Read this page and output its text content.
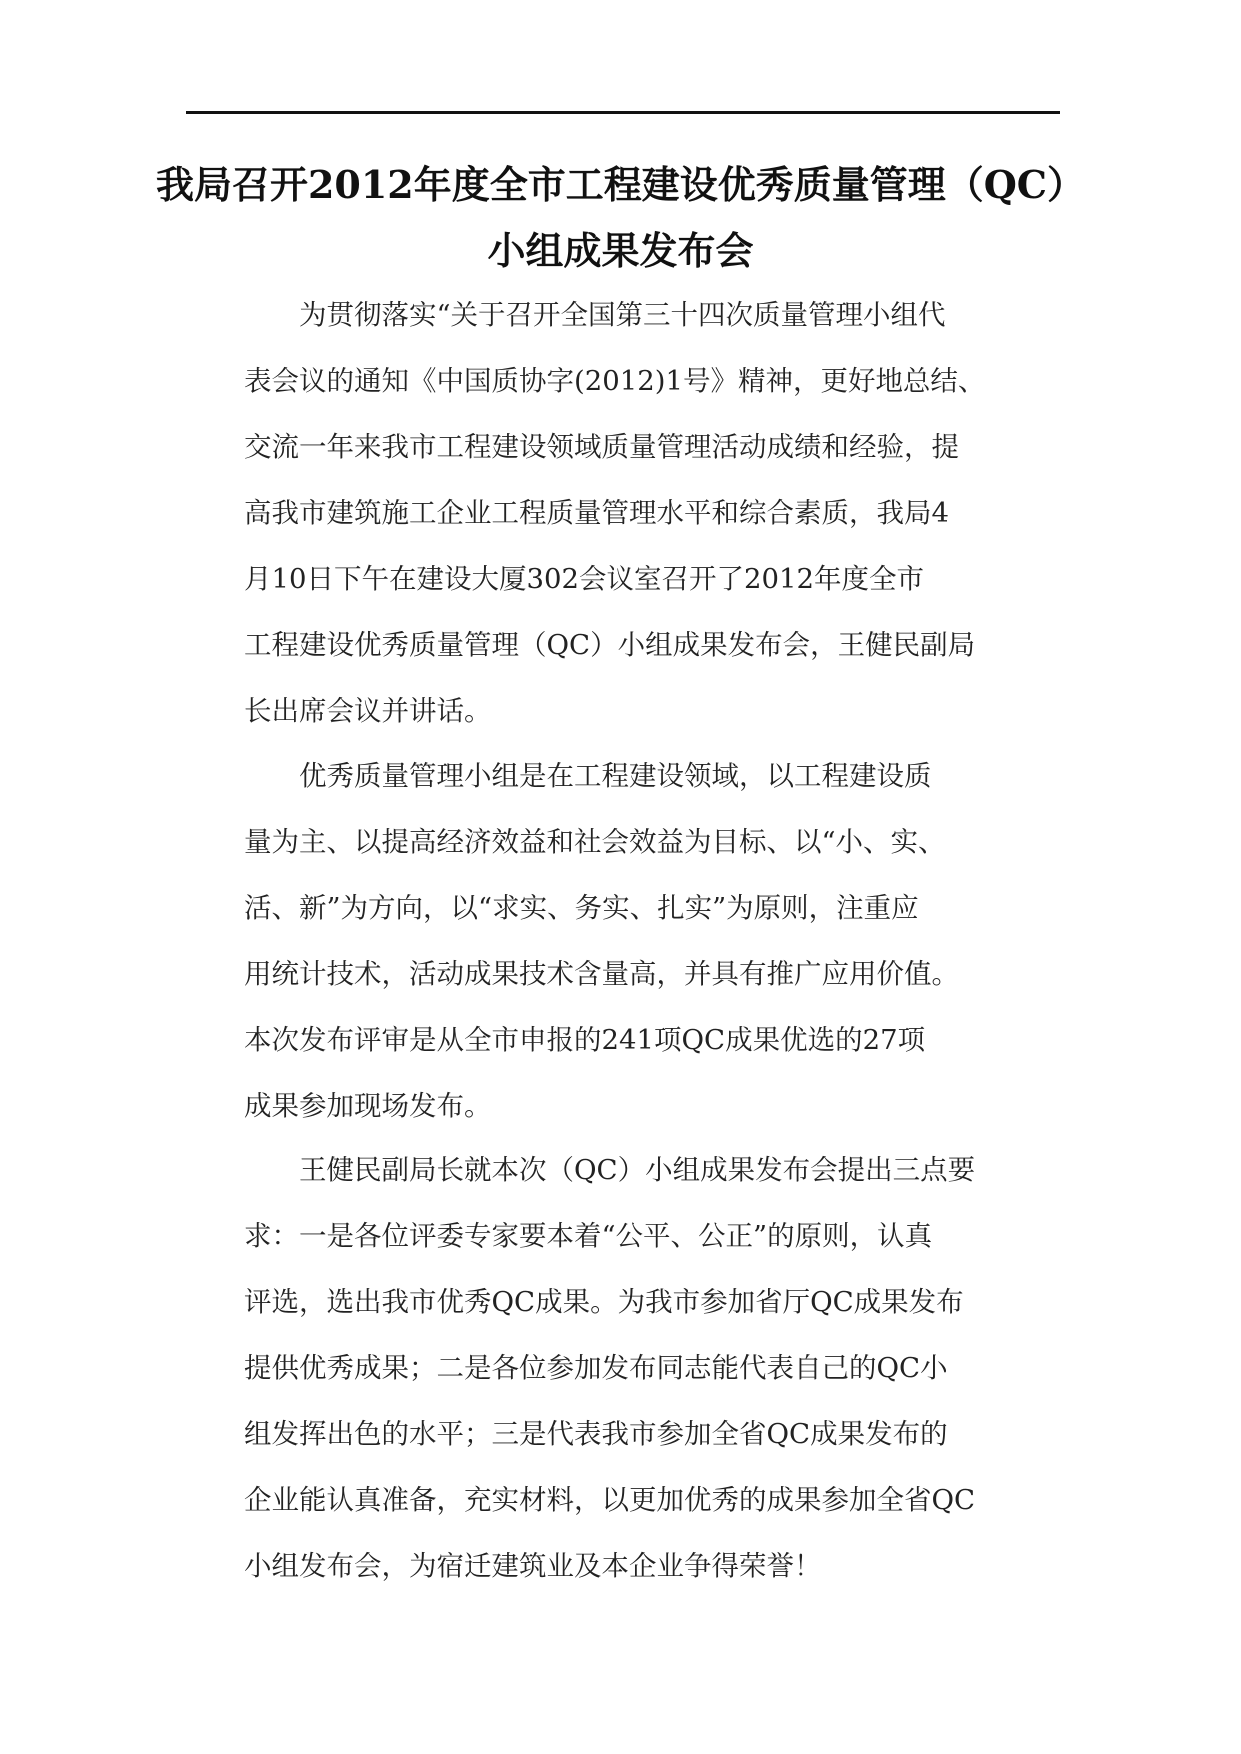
我局召开2012年度全市工程建设优秀质量管理（QC）
小组成果发布会

　　为贯彻落实“关于召开全国第三十四次质量管理小组代
表会议的通知《中国质协字(2012)1号》精神，更好地总结、
交流一年来我市工程建设领域质量管理活动成绩和经验，提
高我市建筑施工企业工程质量管理水平和综合素质，我局4
月10日下午在建设大厦302会议室召开了2012年度全市
工程建设优秀质量管理（QC）小组成果发布会，王健民副局
长出席会议并讲话。

　　优秀质量管理小组是在工程建设领域，以工程建设质
量为主、以提高经济效益和社会效益为目标、以“小、实、
活、新”为方向，以“求实、务实、扎实”为原则，注重应
用统计技术，活动成果技术含量高，并具有推广应用价值。
本次发布评审是从全市申报的241项QC成果优选的27项
成果参加现场发布。

　　王健民副局长就本次（QC）小组成果发布会提出三点要
求：一是各位评委专家要本着“公平、公正”的原则，认真
评选，选出我市优秀QC成果。为我市参加省厅QC成果发布
提供优秀成果；二是各位参加发布同志能代表自己的QC小
组发挥出色的水平；三是代表我市参加全省QC成果发布的
企业能认真准备，充实材料，以更加优秀的成果参加全省QC
小组发布会，为宿迁建筑业及本企业争得荣誉！
